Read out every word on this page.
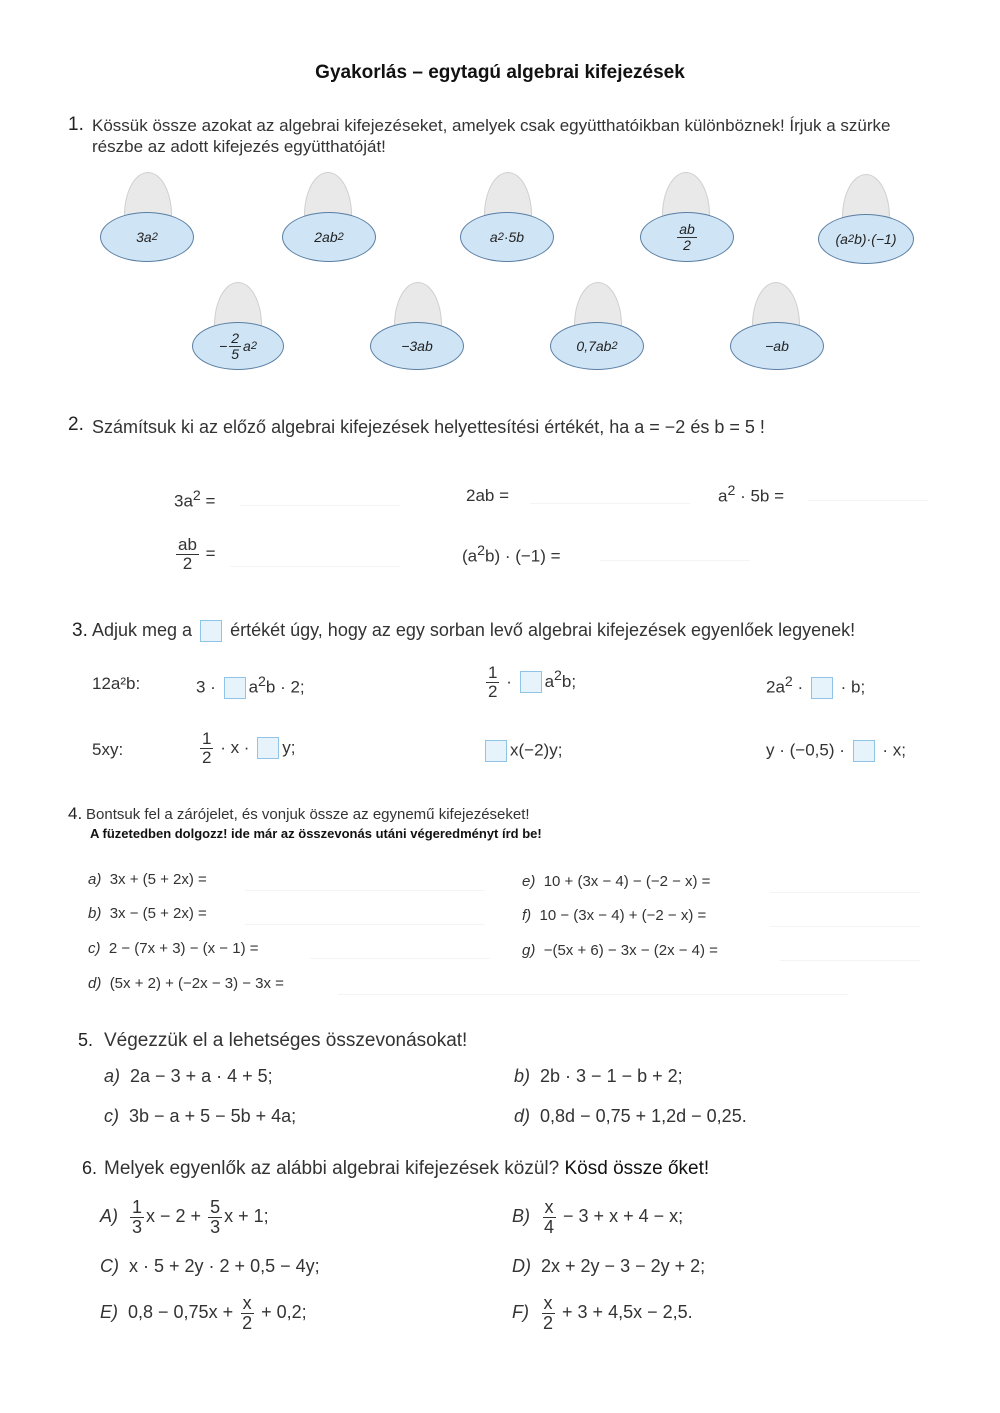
Gyakorlás – egytagú algebrai kifejezések
1. Kössük össze azokat az algebrai kifejezéseket, amelyek csak együtthatóikban különböznek! Írjuk a szürke
részbe az adott kifejezés együtthatóját!
3a 2	2ab 2	a 2 ·5b	$\frac{ab}{2}$	(a 2 b)·(−1)
− $\frac{2}{5}$ a 2	−3ab	0,7ab 2	−ab
2. Számítsuk ki az előző algebrai kifejezések helyettesítési értékét, ha a = −2 és b = 5 !
$3a^2$ =	2ab =	$a^2 \cdot 5b$ =
$\frac{ab}{2}$ =	$(a^2b) \cdot (-1)$ =
3. Adjuk meg a értékét úgy, hogy az egy sorban levő algebrai kifejezések egyenlőek legyenek!
12a²b:	$3 \cdot a^2b \cdot 2$;	$\frac{1}{2} \cdot a^2b$;	$2a^2$ ·  · b;
5xy:	$\frac{1}{2} \cdot x \cdot y$;	x(−2)y;	y · (−0,5) ·  · x;
4. Bontsuk fel a zárójelet, és vonjuk össze az egynemű kifejezéseket!
A füzetedben dolgozz! ide már az összevonás utáni végeredményt írd be!
a) 3x + (5 + 2x) =
b) 3x − (5 + 2x) =
c) 2 − (7x + 3) − (x − 1) =
d) (5x + 2) + (−2x − 3) − 3x =
e) 10 + (3x − 4) − (−2 − x) =
f) 10 − (3x − 4) + (−2 − x) =
g) −(5x + 6) − 3x − (2x − 4) =
5. Végezzük el a lehetséges összevonásokat!
a) 2a − 3 + a · 4 + 5;	b) 2b · 3 − 1 − b + 2;
c) 3b − a + 5 − 5b + 4a;	d) 0,8d − 0,75 + 1,2d − 0,25.
6. Melyek egyenlők az alábbi algebrai kifejezések közül? Kösd össze őket!
$A) \frac{1}{3}$ $x - 2 + \frac{5}{3}$ x + 1;	$B) \frac{x}{4} - 3 + x + 4 - x$;
C) x · 5 + 2y · 2 + 0,5 − 4y;	D) 2x + 2y − 3 − 2y + 2;
E)  $0,8 - 0,75x + \frac{x}{2} + 0,2$;	$F) \frac{x}{2} + 3 + 4,5x - 2,5$.
